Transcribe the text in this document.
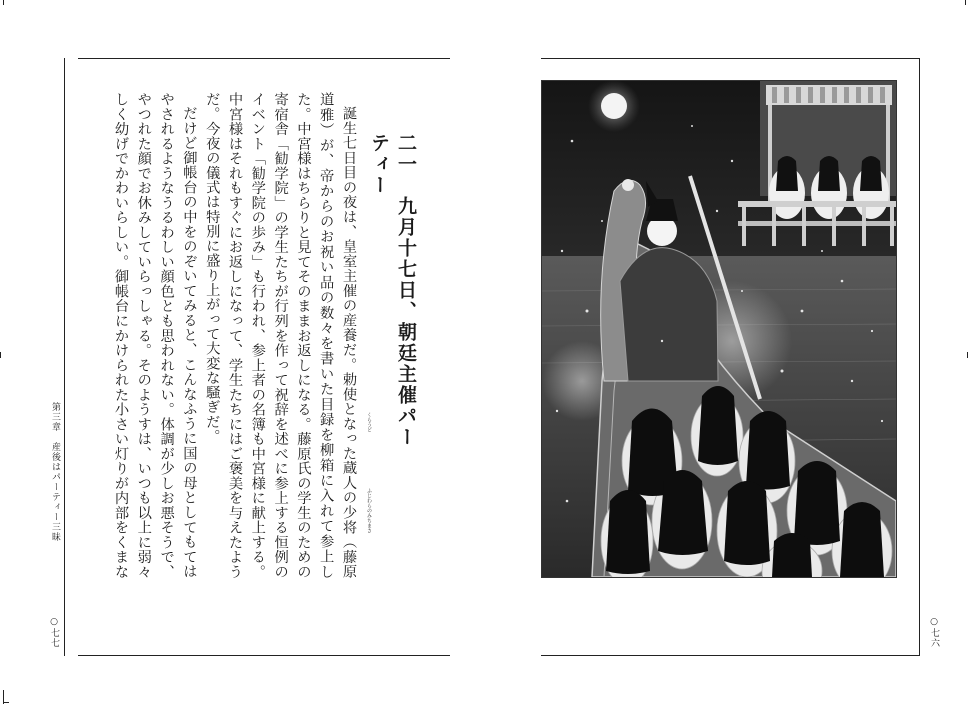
二一　九月十七日、朝廷主催パーティー

誕生七日目の夜は、皇室主催の産養だ。勅使となった蔵人の少将（藤原道雅）が、帝からのお祝い品の数々を書いた目録を柳箱に入れて参上した。中宮様はちらりと見てそのままお返しになる。藤原氏の学生のための寄宿舎「勧学院」の学生たちが行列を作って祝辞を述べに参上する恒例のイベント「勧学院の歩み」も行われ、参上者の名簿も中宮様に献上する。中宮様はそれもすぐにお返しになって、学生たちにはご褒美を与えたようだ。今夜の儀式は特別に盛り上がって大変な騒ぎだ。

だけど御帳台の中をのぞいてみると、こんなふうに国の母としてもてはやされるようなうるわしい顔色とも思われない。体調が少しお悪そうで、やつれた顔でお休みしていらっしゃる。そのようすは、いつも以上に弱々しく幼げでかわいらしい。御帳台にかけられた小さい灯りが内部をくまな

くらうど
ふじわらのみちまさ
第三章　産後はパーティー三昧
○七七	○七六
